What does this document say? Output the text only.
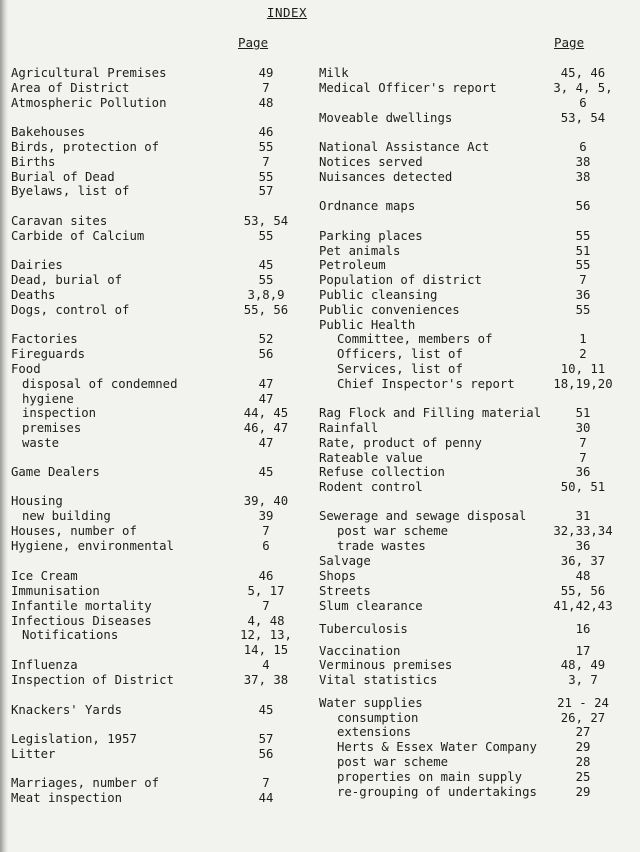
INDEX
Page	Page
Agricultural Premises	49
Area of District	7
Atmospheric Pollution	48
Bakehouses	46
Birds, protection of	55
Births	7
Burial of Dead	55
Byelaws, list of	57
Caravan sites	53, 54
Carbide of Calcium	55
Dairies	45
Dead, burial of	55
Deaths	3,8,9
Dogs, control of	55, 56
Factories	52
Fireguards	56
Food
disposal of condemned	47
hygiene	47
inspection	44, 45
premises	46, 47
waste	47
Game Dealers	45
Housing	39, 40
new building	39
Houses, number of	7
Hygiene, environmental	6
Ice Cream	46
Immunisation	5, 17
Infantile mortality	7
Infectious Diseases	4, 48
Notifications	12, 13,
14, 15
Influenza	4
Inspection of District	37, 38
Knackers' Yards	45
Legislation, 1957	57
Litter	56
Marriages, number of	7
Meat inspection	44
Milk	45, 46
Medical Officer's report	3, 4, 5,
6
Moveable dwellings	53, 54
National Assistance Act	6
Notices served	38
Nuisances detected	38
Ordnance maps	56
Parking places	55
Pet animals	51
Petroleum	55
Population of district	7
Public cleansing	36
Public conveniences	55
Public Health
Committee, members of	1
Officers, list of	2
Services, list of	10, 11
Chief Inspector's report	18,19,20
Rag Flock and Filling material	51
Rainfall	30
Rate, product of penny	7
Rateable value	7
Refuse collection	36
Rodent control	50, 51
Sewerage and sewage disposal	31
post war scheme	32,33,34
trade wastes	36
Salvage	36, 37
Shops	48
Streets	55, 56
Slum clearance	41,42,43
Tuberculosis	16
Vaccination	17
Verminous premises	48, 49
Vital statistics	3, 7
Water supplies	21 - 24
consumption	26, 27
extensions	27
Herts & Essex Water Company	29
post war scheme	28
properties on main supply	25
re-grouping of undertakings	29
